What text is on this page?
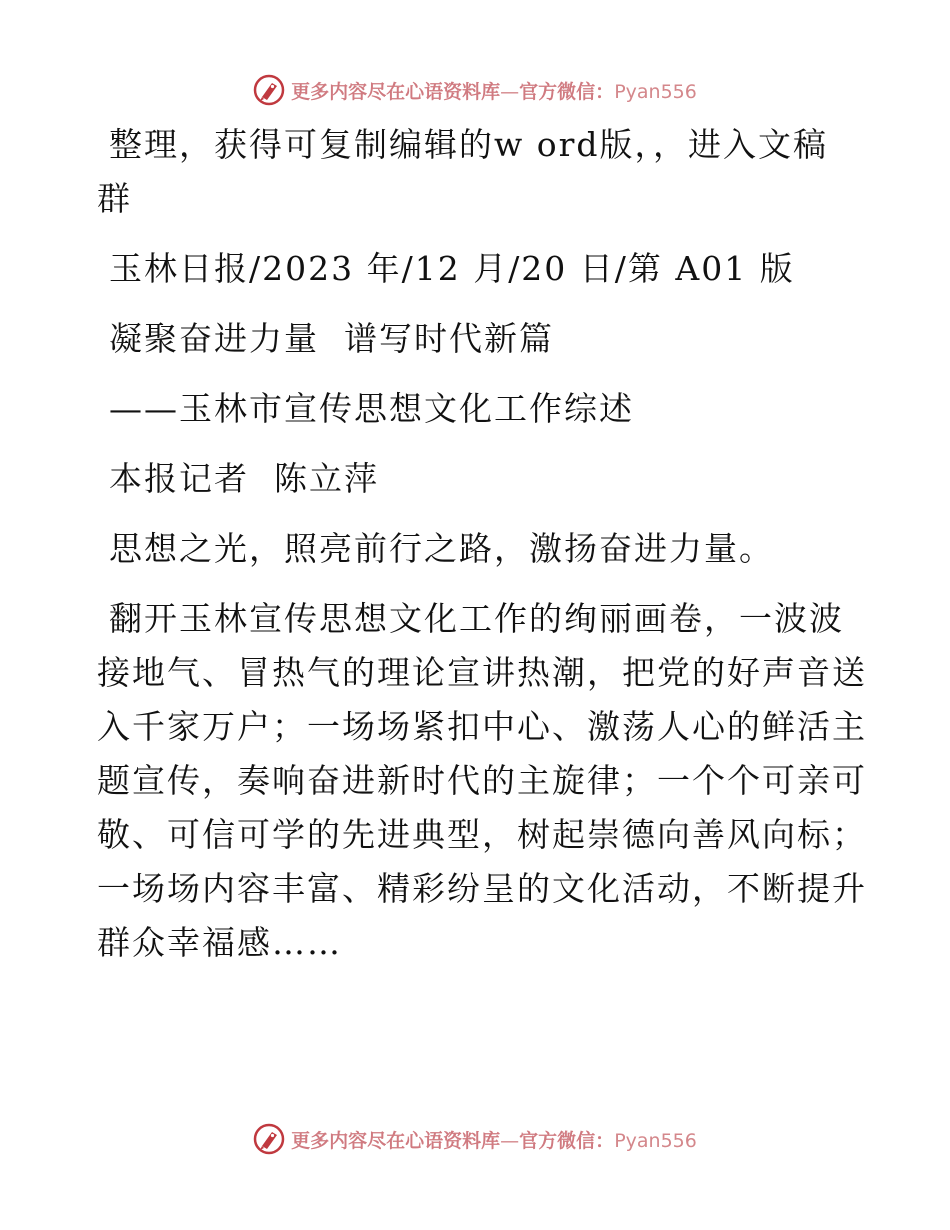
更多内容尽在心语资料库—官方微信：Pyan556
整理，获得可复制编辑的w ord版，，进入文稿
群
玉林日报/2023 年/12 月/20 日/第 A01 版
凝聚奋进力量  谱写时代新篇
——玉林市宣传思想文化工作综述
本报记者  陈立萍
思想之光，照亮前行之路，激扬奋进力量。
翻开玉林宣传思想文化工作的绚丽画卷，一波波
接地气、冒热气的理论宣讲热潮，把党的好声音送
入千家万户；一场场紧扣中心、激荡人心的鲜活主
题宣传，奏响奋进新时代的主旋律；一个个可亲可
敬、可信可学的先进典型，树起崇德向善风向标；
一场场内容丰富、精彩纷呈的文化活动，不断提升
群众幸福感……
更多内容尽在心语资料库—官方微信：Pyan556
